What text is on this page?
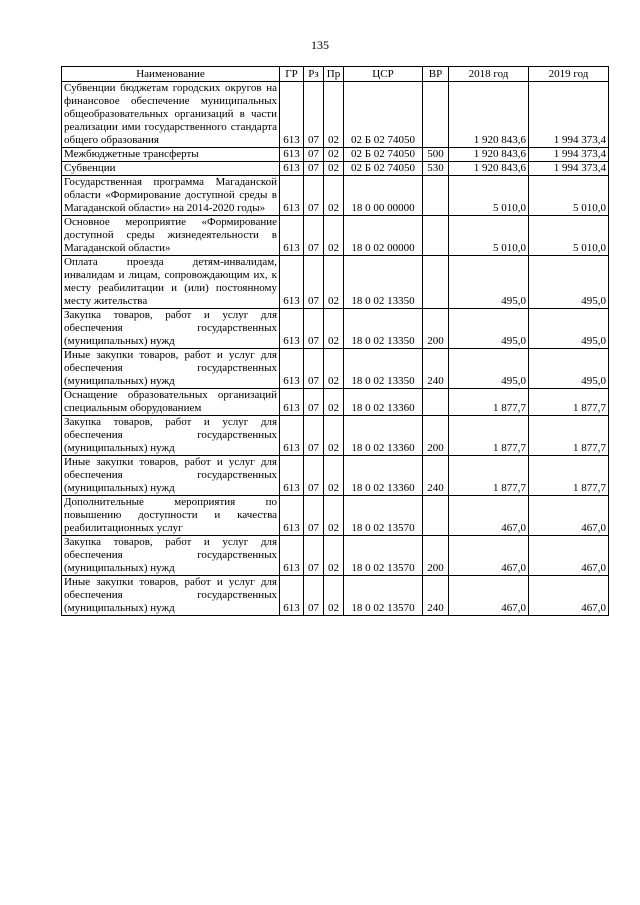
135
Наименование	ГР	Рз	Пр	ЦСР	ВР	2018 год	2019 год
Субвенции бюджетам городских округов на финансовое обеспечение муниципальных общеобразовательных организаций в части реализации ими государственного стандарта общего образования	613	07	02	02 Б 02 74050		1 920 843,6	1 994 373,4
Межбюджетные трансферты	613	07	02	02 Б 02 74050	500	1 920 843,6	1 994 373,4
Субвенции	613	07	02	02 Б 02 74050	530	1 920 843,6	1 994 373,4
Государственная программа Магаданской области «Формирование доступной среды в Магаданской области» на 2014-2020 годы»	613	07	02	18 0 00 00000		5 010,0	5 010,0
Основное мероприятие «Формирование доступной среды жизнедеятельности в Магаданской области»	613	07	02	18 0 02 00000		5 010,0	5 010,0
Оплата проезда детям-инвалидам, инвалидам и лицам, сопровождающим их, к месту реабилитации и (или) постоянному месту жительства	613	07	02	18 0 02 13350		495,0	495,0
Закупка товаров, работ и услуг для обеспечения государственных (муниципальных) нужд	613	07	02	18 0 02 13350	200	495,0	495,0
Иные закупки товаров, работ и услуг для обеспечения государственных (муниципальных) нужд	613	07	02	18 0 02 13350	240	495,0	495,0
Оснащение образовательных организаций специальным оборудованием	613	07	02	18 0 02 13360		1 877,7	1 877,7
Закупка товаров, работ и услуг для обеспечения государственных (муниципальных) нужд	613	07	02	18 0 02 13360	200	1 877,7	1 877,7
Иные закупки товаров, работ и услуг для обеспечения государственных (муниципальных) нужд	613	07	02	18 0 02 13360	240	1 877,7	1 877,7
Дополнительные мероприятия по повышению доступности и качества реабилитационных услуг	613	07	02	18 0 02 13570		467,0	467,0
Закупка товаров, работ и услуг для обеспечения государственных (муниципальных) нужд	613	07	02	18 0 02 13570	200	467,0	467,0
Иные закупки товаров, работ и услуг для обеспечения государственных (муниципальных) нужд	613	07	02	18 0 02 13570	240	467,0	467,0
